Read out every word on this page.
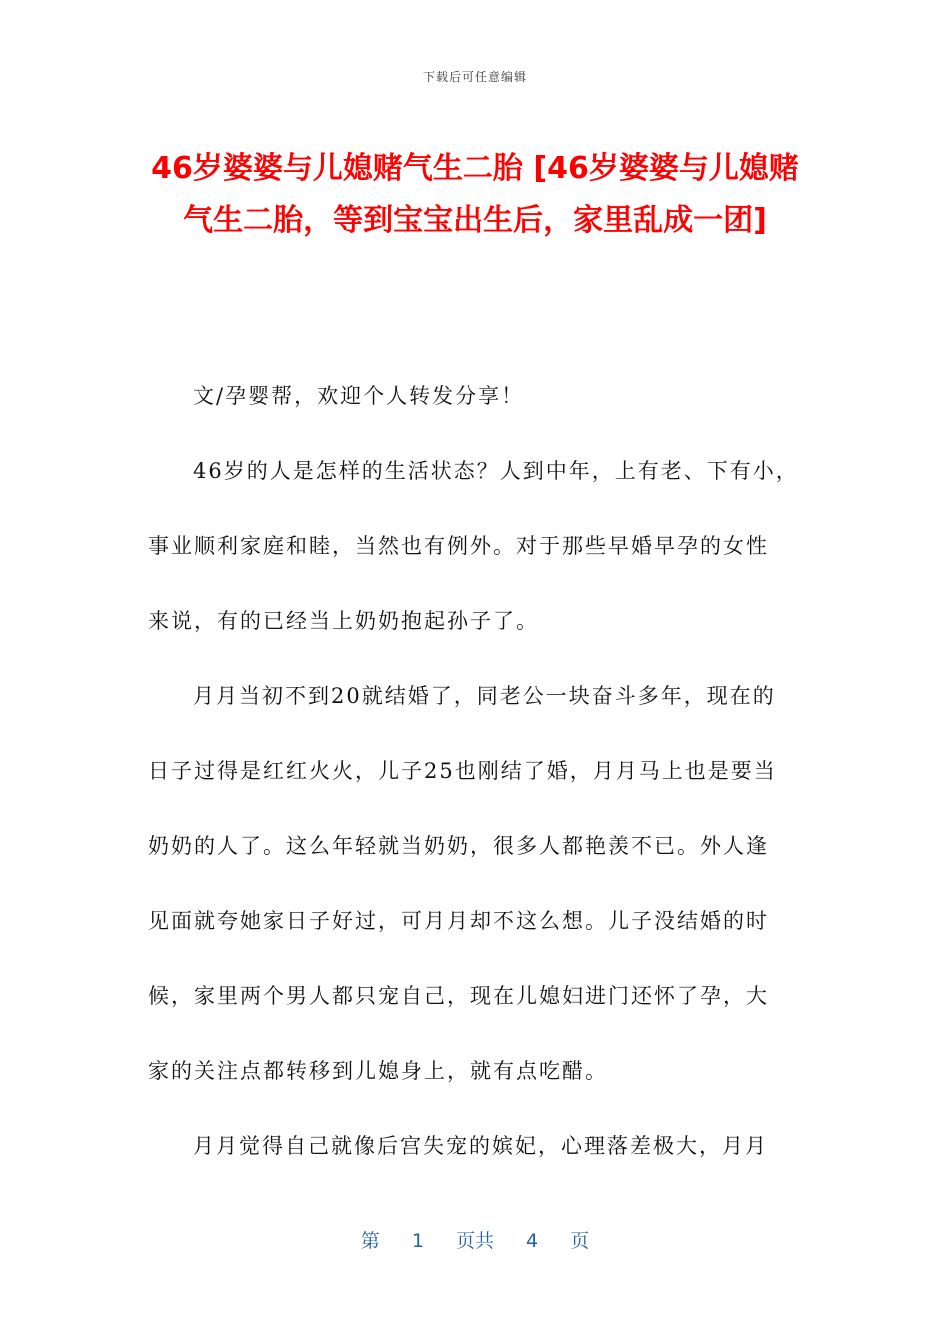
下载后可任意编辑
46岁婆婆与儿媳赌气生二胎 [46岁婆婆与儿媳赌气生二胎，等到宝宝出生后，家里乱成一团]
文/孕婴帮，欢迎个人转发分享！
46岁的人是怎样的生活状态？人到中年，上有老、下有小，
事业顺利家庭和睦，当然也有例外。对于那些早婚早孕的女性
来说，有的已经当上奶奶抱起孙子了。
月月当初不到20就结婚了，同老公一块奋斗多年，现在的
日子过得是红红火火，儿子25也刚结了婚，月月马上也是要当
奶奶的人了。这么年轻就当奶奶，很多人都艳羡不已。外人逢
见面就夸她家日子好过，可月月却不这么想。儿子没结婚的时
候，家里两个男人都只宠自己，现在儿媳妇进门还怀了孕，大
家的关注点都转移到儿媳身上，就有点吃醋。
月月觉得自己就像后宫失宠的嫔妃，心理落差极大，月月
第 1 页共 4 页
